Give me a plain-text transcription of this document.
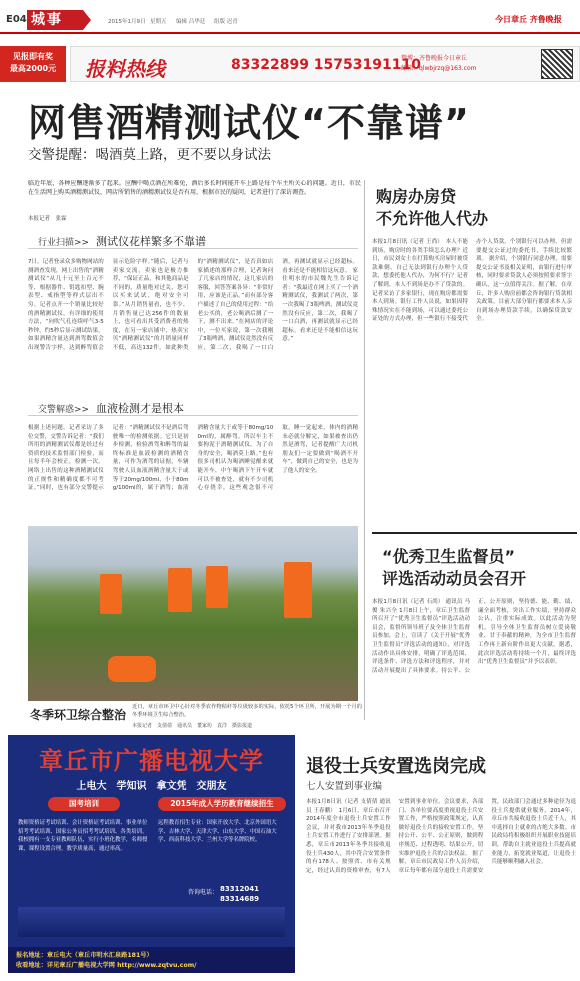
E04 城事	2015年1月9日 星期五 编辑 吕华廷 组版 迟青	今日章丘 齐鲁晚报
见报即有奖
最高2000元	报料热线	83322899 15753191110
微博：齐鲁晚报今日章丘
邮箱：qlwbjrzq@163.com
网售酒精测试仪“不靠谱”
交警提醒：喝酒莫上路，更不要以身试法
临近年底，各种应酬逐渐多了起来。应酬中喝点酒在所难免，酒后多长时间能开车上路是每个车主所关心的问题。近日，市民在生活网上购买酒精测试仪，网店所销售的酒精测试仪是否有用，根据市民的疑问，记者进行了深访调查。
本报记者　张霖
行业扫描>> 测试仪花样繁多不靠谱
7日，记者登录众多购物网站的测酒查发现，网上出售的“酒精测试仪”从几十元至上百元不等，根据器件、钥匙扣型、腕表型、戒指型等样式层出不穷。记者点开一个销量比较好的酒精测试仪，有详细的使用方法，“向吹气孔连续呼气3-5秒钟，约5秒后显示测试结果。如果酒精含量达到酒驾数值会出现警告字样，达到醉驾值会显示危险字样。”随后，记者与卖家交流，卖家也是极力推荐，“保证正品，和其他商品是不同的，质量绝对过关，您可以买来试试，绝对安全可靠。”从月销售量看，也不少，月销售量已达256件的数量上，也可看出其受消费者的热度，在另一家店铺中，热卖宝贝“酒精测试仪”的月销量同样不低，高达132件。如此种类的“酒精测试仪”，是否真如店家描述的那样合理，记者询问了几家店的情况，这几家店的客服，回答答案各异：“非常好用，应该是正品。”而有部分客户描述了自己的使用过程：“给老公买的，老公喝酒后测了一下，测不出来。”在网店的评论中，一位买家说，第一次我刚了3瓶啤酒，测试仪竟然没有反应，第二次，我喝了一口白酒，再测试就显示已经超标。看来还是不能相信这玩意。 家住明水的市民魏先生告诉记者：“我最近在网上买了一个酒精测试仪，我测试了两次，第一次我喝了3瓶啤酒，测试仪竟然没有反应，第二次，我喝了一口白酒，再测试就显示已经超标。看来还是不能相信这玩意。”
交警解惑>> 血液检测才是根本
根据上述问题，记者采访了多位交警，交警告诉记者：“我们所用的酒精测试仪都是经过有资质的技术监督部门检验，而且每半年会校正，检测一次。网络上出售的这种酒精测试仪的正规性和精确度都不可考证。”同时，也有部分交警提示记者：“酒精测试仪不是酒后驾驶唯一的检测依据。它只是初步检测，检验酒驾和醉驾的最终标准是血液检测的酒精含量，可作为酒驾的证据，车辆驾驶人员血液酒精含量大于或等于20mg/100ml，小于80mg/100ml的，属于酒驾；血液酒精含量大于或等于80mg/100ml的，属醉驾。所以车主不要拘泥于酒精测试仪，为了自身的安全，喝酒莫上路。”也有很多司机认为喝酒睡觉醒来就能开车，中午喝酒下午开车就可以不被查处，就有不少司机心存侥幸。这些观念很不可取，睡一觉起来，体内的酒精未必就分解完，如果被查出仍然是酒驾，记者提醒广大司机朋友们一定要做到“喝酒不开车”，做到自己的安全，也是为了他人的安全。
购房办房贷
不允许他人代办
本报1月8日讯（记者 王尚）　本人不能到场，购房时的各类手续怎么办理？近日，市民刘女士在打算购买房屋时被贷款难倒，自己无法到银行办理个人贷款，想委托他人代办，为何不行？记者了解到，本人不到场是办不了贷款的。记者采访了多家银行，现在购房都需要本人到场。银行工作人员说，如果因特殊情况实在不能到场，可以通过委托公证处的方式办理，但一些银行不接受代办个人贷款。个别银行可以办理，但需要提交公证过的委托书，手续比较繁琐。 据介绍，个别银行同意办理，需要提交公证书及相关证明，由银行进行审核，同时要求贷款人必须按照要求签字确认，这一点值得关注。据了解，在章丘，许多人购房前都会咨询银行贷款相关政策。目前大部分银行都要求本人亲自到场办理贷款手续，以确保贷款安全。
冬季环卫综合整治
近日，章丘市环卫中心针对冬季农作物秸秆等垃圾较多的实际，依托5个环卫所，开展为期一个月的冬季环境卫生综合整治。
本报记者　支倩倩　通讯员　董家坊　袁洋　摄影报道
“优秀卫生监督员”
评选活动动员会召开
本报1月8日讯（记者 石尚） 通讯员 马俊 朱兴全 1月8日上午，章丘卫生监督所召开了“优秀卫生监督员”评选活动动员会，监督所领导班子及全体卫生监督员参加。会上，宣读了《关于开展“优秀卫生监督员”评选活动的通知》，对评选活动作出具体安排，明确了评选范围、评选条件、评选方法和评选程序，并对活动开展提出了具体要求。持公平、公正、公开原则，坚持德、能、勤、绩、廉全面考核，突出工作实绩，坚持群众公认，注重实际成效。以此活动为契机，引导全体卫生监督员树立爱岗敬业、甘于奉献的精神，为全市卫生监督工作再上新台阶作出更大贡献。据悉，此次评选活动将持续一个月，最终评选出“优秀卫生监督员”并予以表彰。
章丘市广播电视大学
上电大　学知识　拿文凭　交朋友
国考培训	2015年成人学历教育继续招生
教师资格证考试培训、会计资格证考试培训、事业单位招考考试培训、国家公务员招考考试培训、各类培训。我校拥有一支专业教师队伍，实行小班化教学，名师授课，课程设置合理，教学质量高，通过率高。
远程教育招生专业：国家开放大学、北京外国语大学、吉林大学、天津大学、山东大学、中国石油大学、西南科技大学、兰州大学等名牌院校。
咨询电话： 83312041
83314689
报名地址：章丘电大（章丘市明水汇泉路181号）
收看地址：详见章丘广播电视大学网 http://www.zqtvu.com/
退役士兵安置选岗完成
七人安置到事业编
本报1月8日讯（记者 支倩倩 通讯员 王春鹏）　1月6日，章丘市召开2014年度全市退役士兵安置工作会议，并对我市2013年冬季退役士兵安置工作进行了安排部署。据悉，章丘市2013年冬季共接收退役士兵430人，其中符合安置条件的有178人。按照省、市有关规定，经过认真的资格审查，有7人安置到事业单位。会议要求，各部门、各单位要高度重视退役士兵安置工作，严格按照政策规定，认真做好退役士兵的接收安置工作。坚持公开、公平、公正原则，做到程序规范、过程透明、结果公开，切实维护退役士兵的合法权益。 据了解，章丘市民政局工作人员介绍，章丘每年都有部分退役士兵需要安置，民政部门会通过多种途径为退役士兵提供就业服务。2014年，章丘市共接收退役士兵近千人，其中选择自主就业的占绝大多数。市民政局将积极组织开展职业技能培训，帮助自主就业退役士兵提高就业能力，拓宽就业渠道，让退役士兵能够顺利融入社会。
